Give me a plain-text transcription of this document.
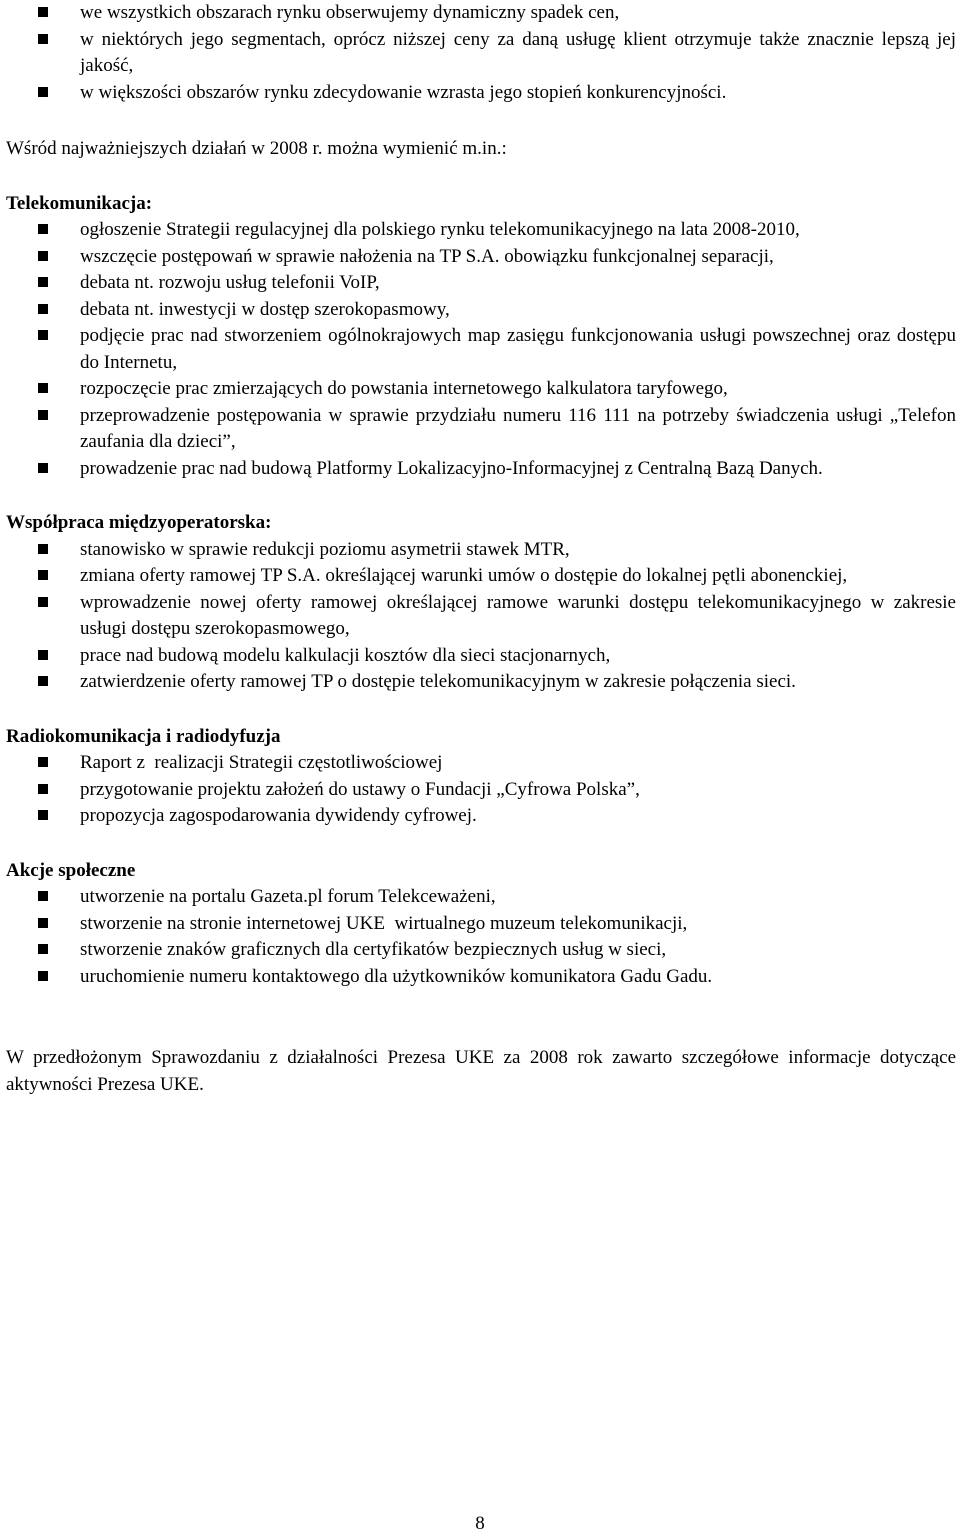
we wszystkich obszarach rynku obserwujemy dynamiczny spadek cen,
w niektórych jego segmentach, oprócz niższej ceny za daną usługę klient otrzymuje także znacznie lepszą jej jakość,
w większości obszarów rynku zdecydowanie wzrasta jego stopień konkurencyjności.

Wśród najważniejszych działań w 2008 r. można wymienić m.in.:

Telekomunikacja:
ogłoszenie Strategii regulacyjnej dla polskiego rynku telekomunikacyjnego na lata 2008-2010,
wszczęcie postępowań w sprawie nałożenia na TP S.A. obowiązku funkcjonalnej separacji,
debata nt. rozwoju usług telefonii VoIP,
debata nt. inwestycji w dostęp szerokopasmowy,
podjęcie prac nad stworzeniem ogólnokrajowych map zasięgu funkcjonowania usługi powszechnej oraz dostępu do Internetu,
rozpoczęcie prac zmierzających do powstania internetowego kalkulatora taryfowego,
przeprowadzenie postępowania w sprawie przydziału numeru 116 111 na potrzeby świadczenia usługi „Telefon zaufania dla dzieci”,
prowadzenie prac nad budową Platformy Lokalizacyjno-Informacyjnej z Centralną Bazą Danych.
Współpraca międzyoperatorska:
stanowisko w sprawie redukcji poziomu asymetrii stawek MTR,
zmiana oferty ramowej TP S.A. określającej warunki umów o dostępie do lokalnej pętli abonenckiej,
wprowadzenie nowej oferty ramowej określającej ramowe warunki dostępu telekomunikacyjnego w zakresie usługi dostępu szerokopasmowego,
prace nad budową modelu kalkulacji kosztów dla sieci stacjonarnych,
zatwierdzenie oferty ramowej TP o dostępie telekomunikacyjnym w zakresie połączenia sieci.
Radiokomunikacja i radiodyfuzja
Raport z  realizacji Strategii częstotliwościowej
przygotowanie projektu założeń do ustawy o Fundacji „Cyfrowa Polska”,
propozycja zagospodarowania dywidendy cyfrowej.
Akcje społeczne
utworzenie na portalu Gazeta.pl forum Telekcеważeni,
stworzenie na stronie internetowej UKE  wirtualnego muzeum telekomunikacji,
stworzenie znaków graficznych dla certyfikatów bezpiecznych usług w sieci,
uruchomienie numeru kontaktowego dla użytkowników komunikatora Gadu Gadu.

W przedłożonym Sprawozdaniu z działalności Prezesa UKE za 2008 rok zawarto szczegółowe informacje dotyczące aktywności Prezesa UKE.

8
